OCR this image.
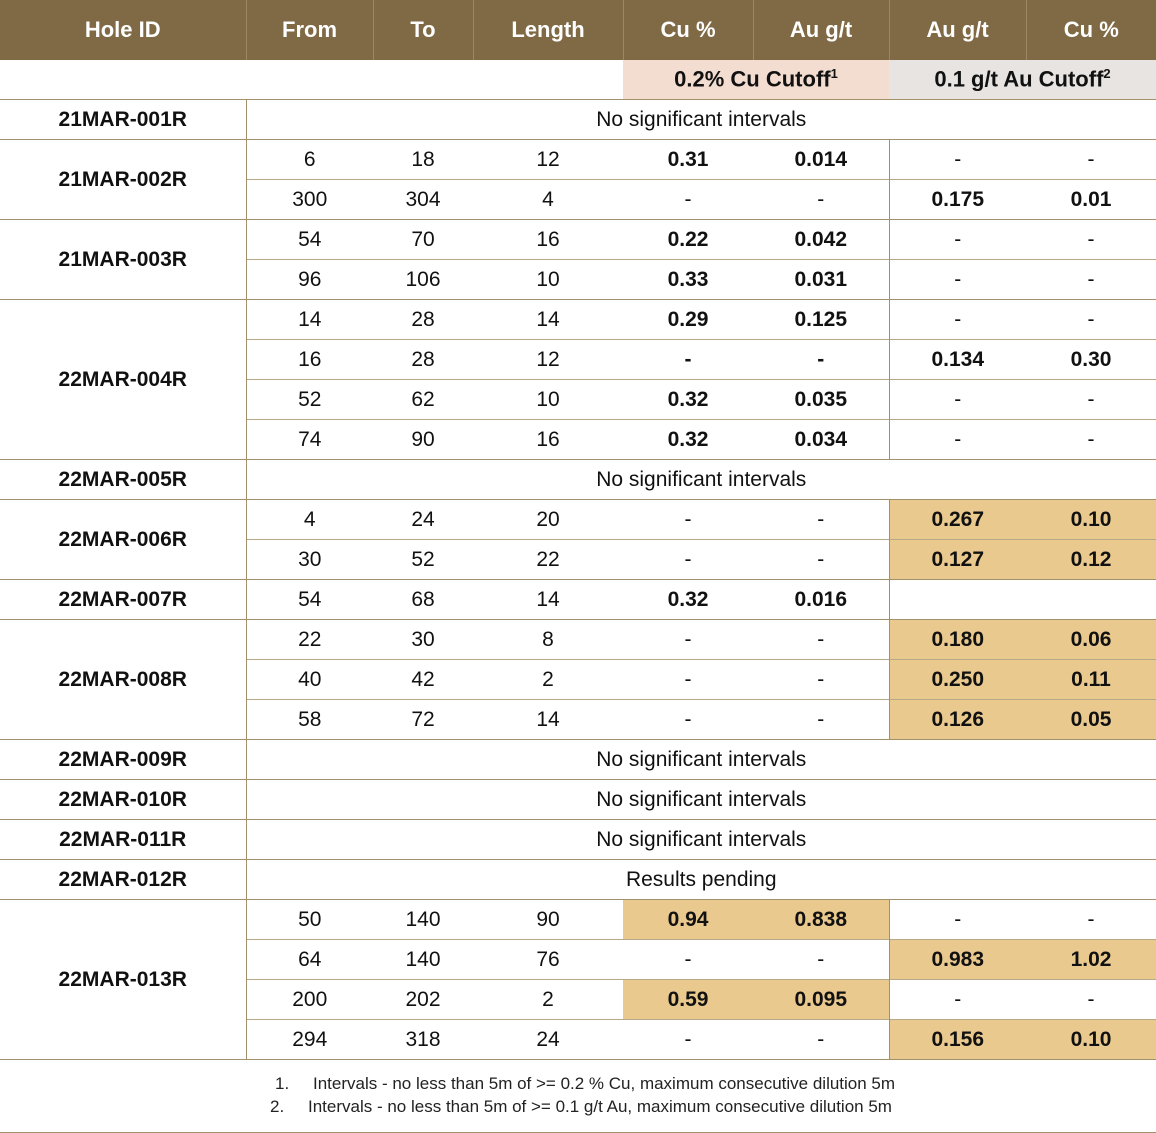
Hole ID	From	To	Length	Cu %	Au g/t	Au g/t	Cu %
				0.2% Cu Cutoff$^1$		0.1 g/t Au Cutoff$^2$
21MAR-001R	No significant intervals						
21MAR-002R	6	18	12	0.31	0.014	-	-
	300	304	4	-	-	0.175	0.01
21MAR-003R	54	70	16	0.22	0.042	-	-
	96	106	10	0.33	0.031	-	-
22MAR-004R	14	28	14	0.29	0.125	-	-
	16	28	12	-	-	0.134	0.30
	52	62	10	0.32	0.035	-	-
	74	90	16	0.32	0.034	-	-
22MAR-005R	No significant intervals						
22MAR-006R	4	24	20	-	-	0.267	0.10
	30	52	22	-	-	0.127	0.12
22MAR-007R	54	68	14	0.32	0.016		
22MAR-008R	22	30	8	-	-	0.180	0.06
	40	42	2	-	-	0.250	0.11
	58	72	14	-	-	0.126	0.05
22MAR-009R	No significant intervals						
22MAR-010R	No significant intervals						
22MAR-011R	No significant intervals						
22MAR-012R	Results pending						
22MAR-013R	50	140	90	0.94	0.838	-	-
	64	140	76	-	-	0.983	1.02
	200	202	2	0.59	0.095	-	-
	294	318	24	-	-	0.156	0.10
1. Intervals - no less than 5m of >= 0.2 % Cu, maximum consecutive dilution 5m
2. Intervals - no less than 5m of >= 0.1 g/t Au, maximum consecutive dilution 5m
